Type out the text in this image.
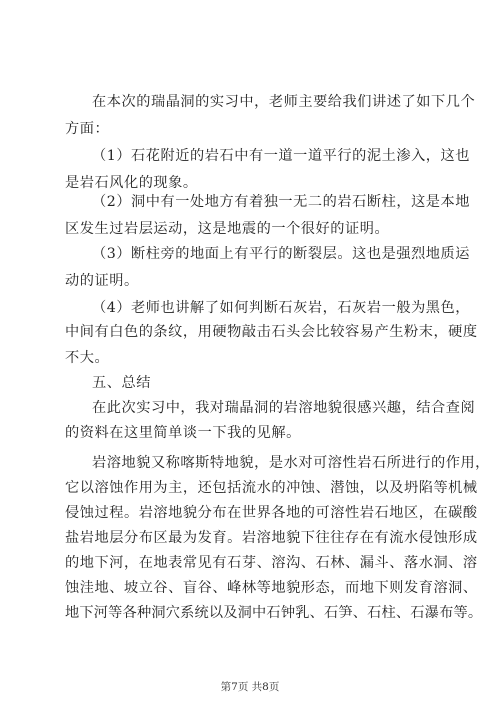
在本次的瑞晶洞的实习中，老师主要给我们讲述了如下几个
方面：
（1）石花附近的岩石中有一道一道平行的泥土渗入，这也
是岩石风化的现象。
（2）洞中有一处地方有着独一无二的岩石断柱，这是本地
区发生过岩层运动，这是地震的一个很好的证明。
（3）断柱旁的地面上有平行的断裂层。这也是强烈地质运
动的证明。
（4）老师也讲解了如何判断石灰岩，石灰岩一般为黑色，
中间有白色的条纹，用硬物敲击石头会比较容易产生粉末，硬度
不大。
五、总结
在此次实习中，我对瑞晶洞的岩溶地貌很感兴趣，结合查阅
的资料在这里简单谈一下我的见解。
岩溶地貌又称喀斯特地貌，是水对可溶性岩石所进行的作用，
它以溶蚀作用为主，还包括流水的冲蚀、潜蚀，以及坍陷等机械
侵蚀过程。岩溶地貌分布在世界各地的可溶性岩石地区，在碳酸
盐岩地层分布区最为发育。岩溶地貌下往往存在有流水侵蚀形成
的地下河，在地表常见有石芽、溶沟、石林、漏斗、落水洞、溶
蚀洼地、坡立谷、盲谷、峰林等地貌形态，而地下则发育溶洞、
地下河等各种洞穴系统以及洞中石钟乳、石笋、石柱、石瀑布等。
第7页 共8页
